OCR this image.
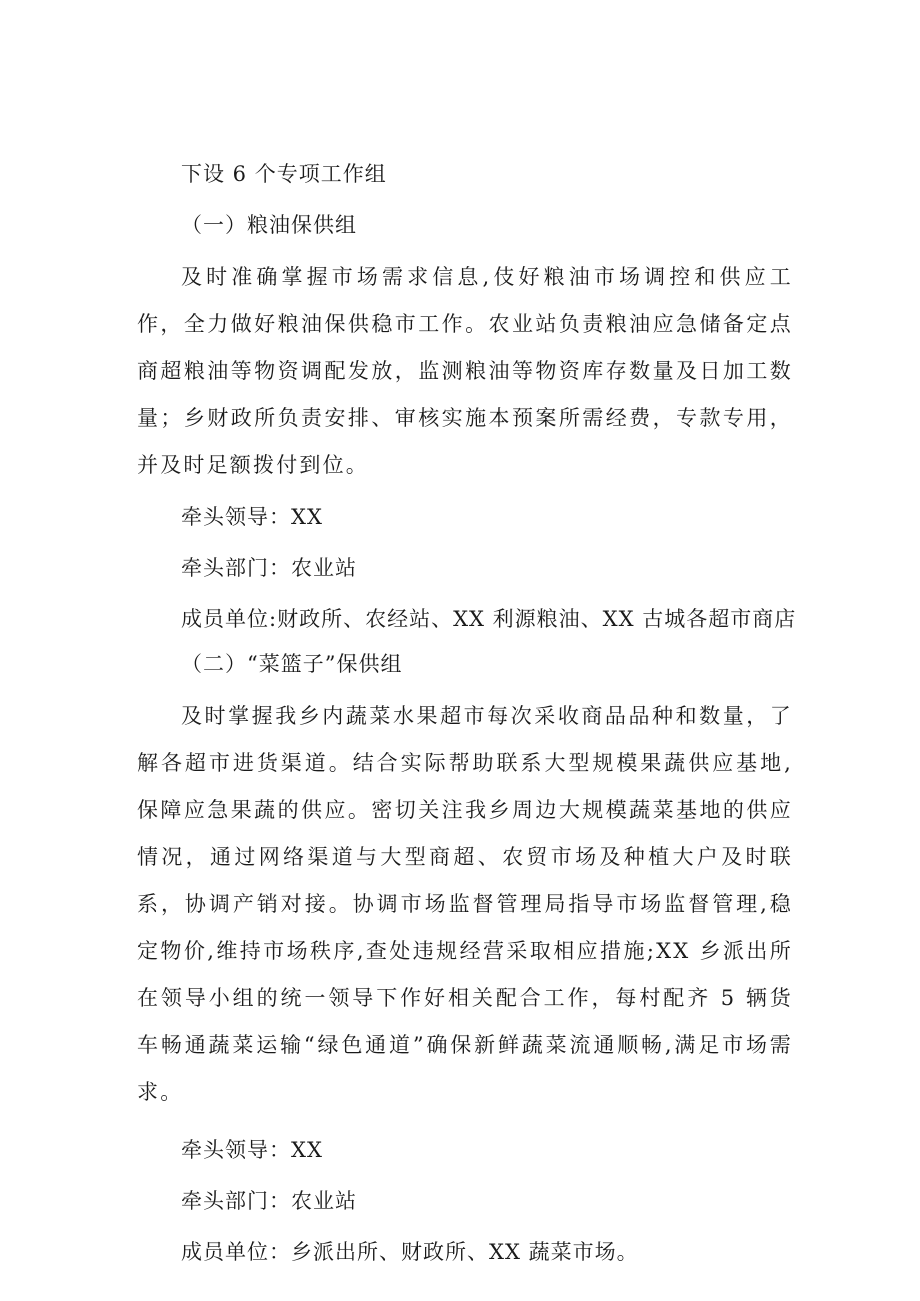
下设 6 个专项工作组
（一）粮油保供组
及时准确掌握市场需求信息,伎好粮油市场调控和供应工作，全力做好粮油保供稳市工作。农业站负责粮油应急储备定点商超粮油等物资调配发放，监测粮油等物资库存数量及日加工数量；乡财政所负责安排、审核实施本预案所需经费，专款专用，并及时足额拨付到位。
牵头领导：XX
牵头部门：农业站
成员单位:财政所、农经站、XX 利源粮油、XX 古城各超市商店
（二）“菜篮子”保供组
及时掌握我乡内蔬菜水果超市每次采收商品品种和数量，了解各超市进货渠道。结合实际帮助联系大型规模果蔬供应基地,保障应急果蔬的供应。密切关注我乡周边大规模蔬菜基地的供应情况，通过网络渠道与大型商超、农贸市场及种植大户及时联系，协调产销对接。协调市场监督管理局指导市场监督管理,稳定物价,维持市场秩序,查处违规经营采取相应措施;XX 乡派出所在领导小组的统一领导下作好相关配合工作，每村配齐 5 辆货车畅通蔬菜运输“绿色通道”确保新鲜蔬菜流通顺畅,满足市场需求。
牵头领导：XX
牵头部门：农业站
成员单位：乡派出所、财政所、XX 蔬菜市场。
